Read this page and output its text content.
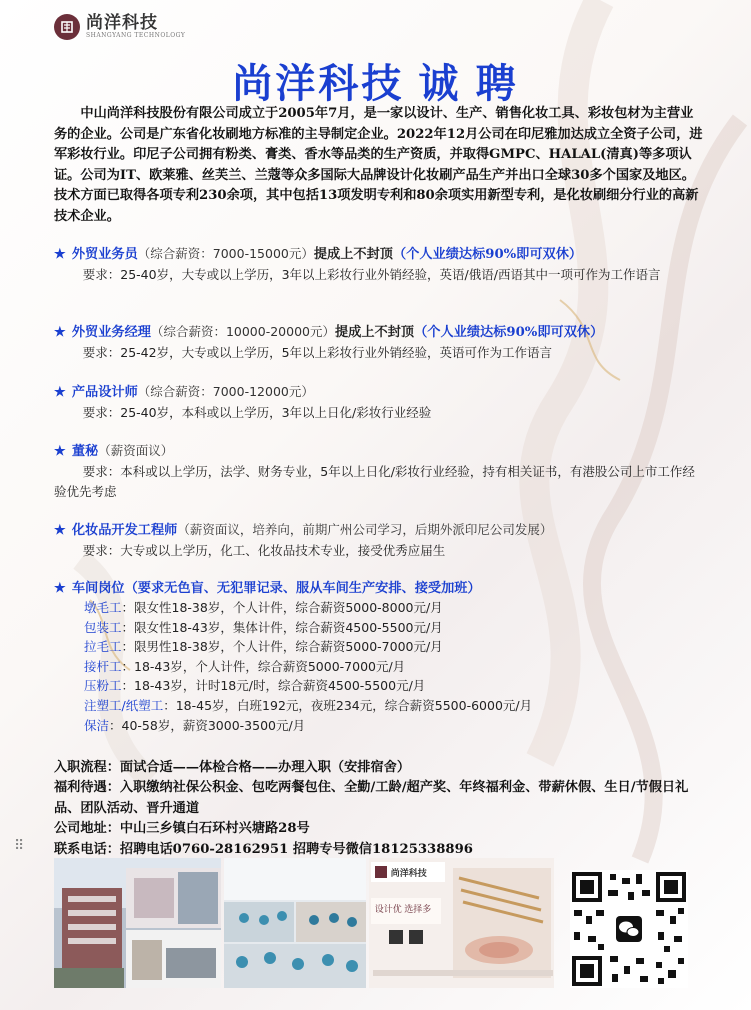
尚洋科技
SHANGYANG TECHNOLOGY
尚洋科技 诚 聘
中山尚洋科技股份有限公司成立于2005年7月，是一家以设计、生产、销售化妆工具、彩妆包材为主营业务的企业。公司是广东省化妆刷地方标准的主导制定企业。2022年12月公司在印尼雅加达成立全资子公司，进军彩妆行业。印尼子公司拥有粉类、膏类、香水等品类的生产资质，并取得GMPC、HALAL(清真)等多项认证。公司为IT、欧莱雅、丝芙兰、兰蔻等众多国际大品牌设计化妆刷产品生产并出口全球30多个国家及地区。技术方面已取得各项专利230余项，其中包括13项发明专利和80余项实用新型专利，是化妆刷细分行业的高新技术企业。
★ 外贸业务员（综合薪资：7000-15000元）提成上不封顶（个人业绩达标90%即可双休）
要求：25-40岁，大专或以上学历，3年以上彩妆行业外销经验，英语/俄语/西语其中一项可作为工作语言
★ 外贸业务经理（综合薪资：10000-20000元）提成上不封顶（个人业绩达标90%即可双休）
要求：25-42岁，大专或以上学历，5年以上彩妆行业外销经验，英语可作为工作语言
★ 产品设计师（综合薪资：7000-12000元）
要求：25-40岁，本科或以上学历，3年以上日化/彩妆行业经验
★ 董秘（薪资面议）
要求：本科或以上学历，法学、财务专业，5年以上日化/彩妆行业经验，持有相关证书，有港股公司上市工作经验优先考虑
★ 化妆品开发工程师（薪资面议，培养向，前期广州公司学习，后期外派印尼公司发展）
要求：大专或以上学历，化工、化妆品技术专业，接受优秀应届生
★ 车间岗位（要求无色盲、无犯罪记录、服从车间生产安排、接受加班）
墩毛工：限女性18-38岁，个人计件，综合薪资5000-8000元/月
包装工：限女性18-43岁，集体计件，综合薪资4500-5500元/月
拉毛工：限男性18-38岁，个人计件，综合薪资5000-7000元/月
接杆工：18-43岁，个人计件，综合薪资5000-7000元/月
压粉工：18-43岁，计时18元/时，综合薪资4500-5500元/月
注塑工/纸塑工：18-45岁，白班192元，夜班234元，综合薪资5500-6000元/月
保洁：40-58岁，薪资3000-3500元/月
入职流程：面试合适——体检合格——办理入职（安排宿舍）
福利待遇：入职缴纳社保公积金、包吃两餐包住、全勤/工龄/超产奖、年终福利金、带薪休假、生日/节假日礼品、团队活动、晋升通道
公司地址：中山三乡镇白石环村兴塘路28号
联系电话：招聘电话0760-28162951 招聘专号微信18125338896
⠿
尚洋科技
设计优 选择多
